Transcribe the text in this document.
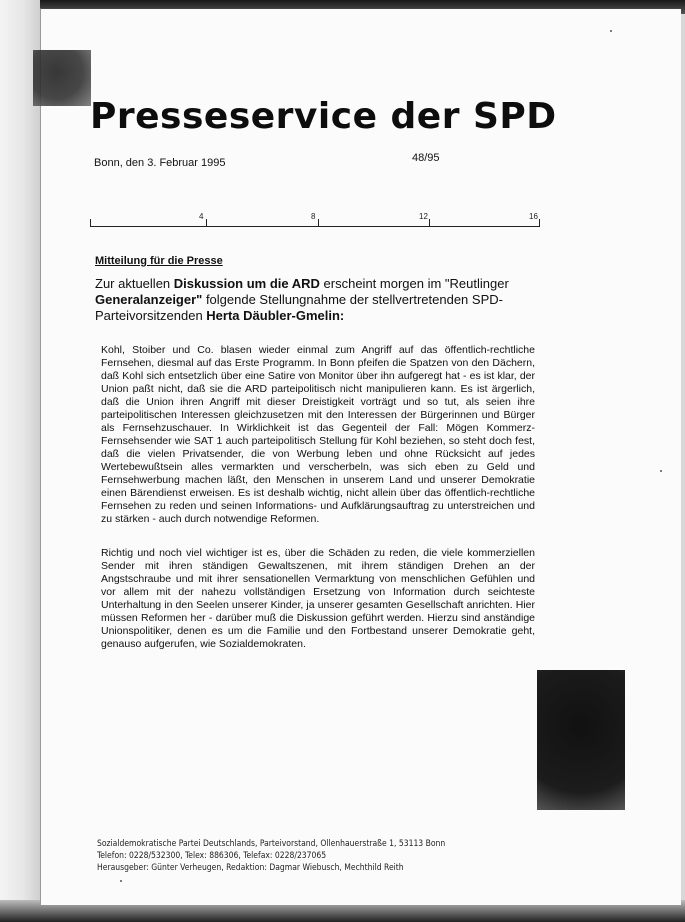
Presseservice der SPD
Bonn, den 3. Februar 1995	48/95
4	8	12	16
Mitteilung für die Presse
Zur aktuellen Diskussion um die ARD erscheint morgen im "Reutlinger Generalanzeiger" folgende Stellungnahme der stellvertretenden SPD-Parteivorsitzenden Herta Däubler-Gmelin:
Kohl, Stoiber und Co. blasen wieder einmal zum Angriff auf das öffentlich-rechtliche Fernsehen, diesmal auf das Erste Programm. In Bonn pfeifen die Spatzen von den Dächern, daß Kohl sich entsetzlich über eine Satire von Monitor über ihn aufgeregt hat - es ist klar, der Union paßt nicht, daß sie die ARD parteipolitisch nicht manipulieren kann. Es ist ärgerlich, daß die Union ihren Angriff mit dieser Dreistigkeit vorträgt und so tut, als seien ihre parteipolitischen Interessen gleichzusetzen mit den Interessen der Bürgerinnen und Bürger als Fernsehzuschauer. In Wirklichkeit ist das Gegenteil der Fall: Mögen Kommerz-Fernsehsender wie SAT 1 auch parteipolitisch Stellung für Kohl beziehen, so steht doch fest, daß die vielen Privatsender, die von Werbung leben und ohne Rücksicht auf jedes Wertebewußtsein alles vermarkten und verscherbeln, was sich eben zu Geld und Fernsehwerbung machen läßt, den Menschen in unserem Land und unserer Demokratie einen Bärendienst erweisen. Es ist deshalb wichtig, nicht allein über das öffentlich-rechtliche Fernsehen zu reden und seinen Informations- und Aufklärungsauftrag zu unterstreichen und zu stärken - auch durch notwendige Reformen.
Richtig und noch viel wichtiger ist es, über die Schäden zu reden, die viele kommerziellen Sender mit ihren ständigen Gewaltszenen, mit ihrem ständigen Drehen an der Angstschraube und mit ihrer sensationellen Vermarktung von menschlichen Gefühlen und vor allem mit der nahezu vollständigen Ersetzung von Information durch seichteste Unterhaltung in den Seelen unserer Kinder, ja unserer gesamten Gesellschaft anrichten. Hier müssen Reformen her - darüber muß die Diskussion geführt werden. Hierzu sind anständige Unionspolitiker, denen es um die Familie und den Fortbestand unserer Demokratie geht, genauso aufgerufen, wie Sozialdemokraten.
Sozialdemokratische Partei Deutschlands, Parteivorstand, Ollenhauerstraße 1, 53113 Bonn
Telefon: 0228/532300, Telex: 886306, Telefax: 0228/237065
Herausgeber: Günter Verheugen, Redaktion: Dagmar Wiebusch, Mechthild Reith
